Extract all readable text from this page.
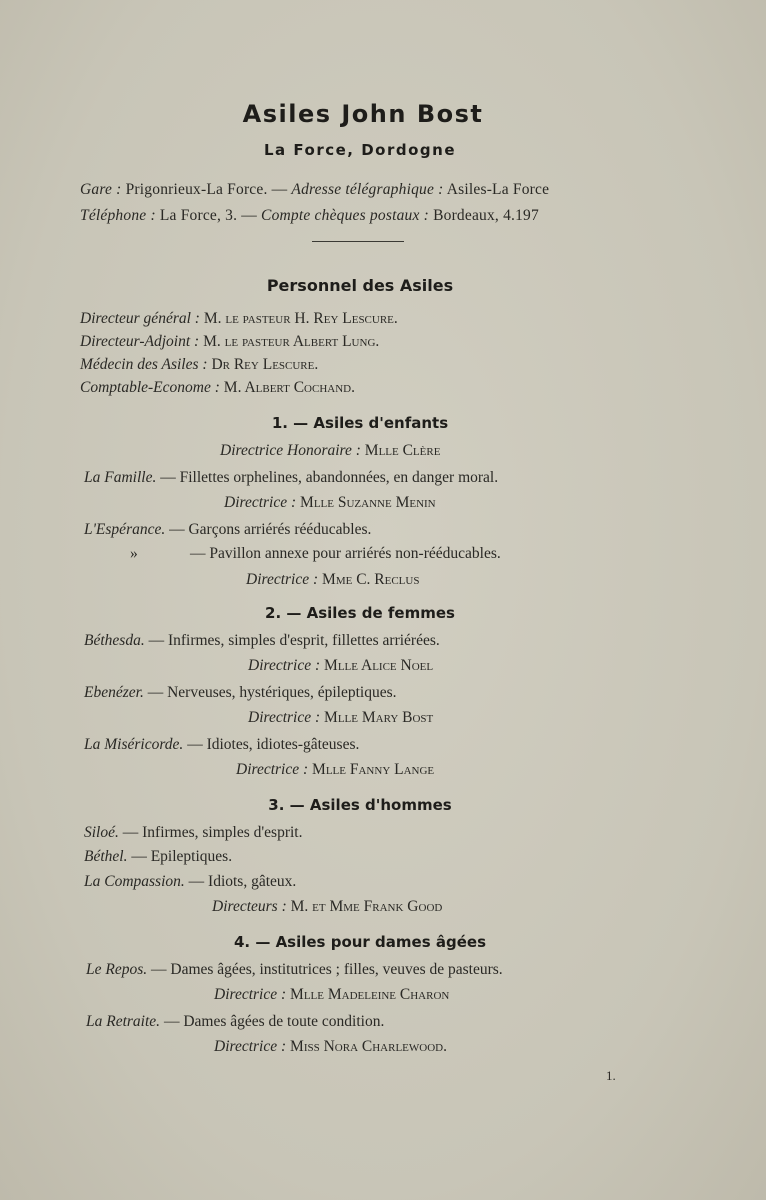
Asiles John Bost
La Force, Dordogne
Gare : Prigonrieux-La Force. — Adresse télégraphique : Asiles-La Force
Téléphone : La Force, 3. — Compte chèques postaux : Bordeaux, 4.197
Personnel des Asiles
Directeur général : M. le pasteur H. Rey Lescure.
Directeur-Adjoint : M. le pasteur Albert Lung.
Médecin des Asiles : Dr Rey Lescure.
Comptable-Econome : M. Albert Cochand.
1. — Asiles d'enfants
Directrice Honoraire : Mlle Clère
La Famille. — Fillettes orphelines, abandonnées, en danger moral.
Directrice : Mlle Suzanne Menin
L'Espérance. — Garçons arriérés rééducables.
»	— Pavillon annexe pour arriérés non-rééducables.
Directrice : Mme C. Reclus
2. — Asiles de femmes
Béthesda. — Infirmes, simples d'esprit, fillettes arriérées.
Directrice : Mlle Alice Noel
Ebenézer. — Nerveuses, hystériques, épileptiques.
Directrice : Mlle Mary Bost
La Miséricorde. — Idiotes, idiotes-gâteuses.
Directrice : Mlle Fanny Lange
3. — Asiles d'hommes
Siloé. — Infirmes, simples d'esprit.
Béthel. — Epileptiques.
La Compassion. — Idiots, gâteux.
Directeurs : M. et Mme Frank Good
4. — Asiles pour dames âgées
Le Repos. — Dames âgées, institutrices ; filles, veuves de pasteurs.
Directrice : Mlle Madeleine Charon
La Retraite. — Dames âgées de toute condition.
Directrice : Miss Nora Charlewood.
1.
